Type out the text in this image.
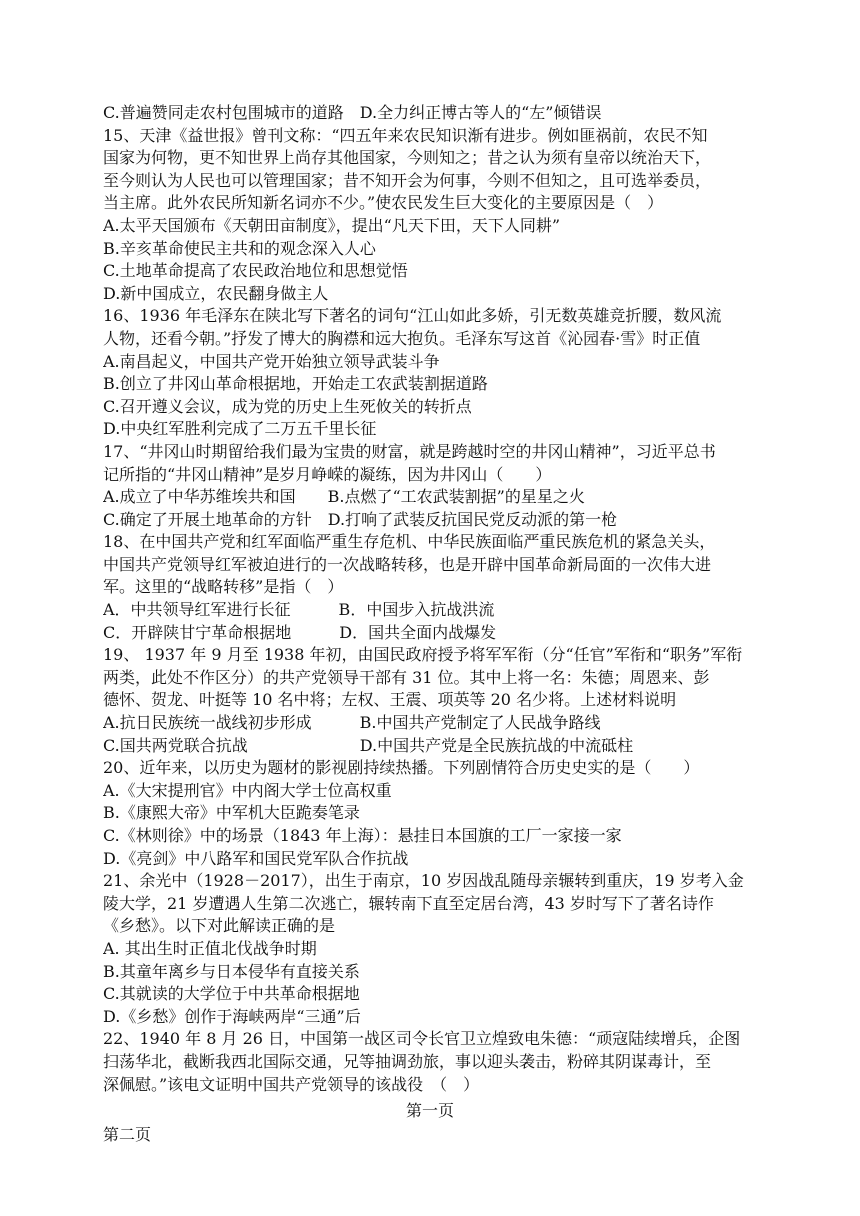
C.普遍赞同走农村包围城市的道路　D.全力纠正博古等人的“左”倾错误
15、天津《益世报》曾刊文称：“四五年来农民知识渐有进步。例如匪祸前，农民不知
国家为何物，更不知世界上尚存其他国家，今则知之；昔之认为须有皇帝以统治天下，
至今则认为人民也可以管理国家；昔不知开会为何事，今则不但知之，且可选举委员，
当主席。此外农民所知新名词亦不少。”使农民发生巨大变化的主要原因是（　）
A.太平天国颁布《天朝田亩制度》，提出“凡天下田，天下人同耕”
B.辛亥革命使民主共和的观念深入人心
C.土地革命提高了农民政治地位和思想觉悟
D.新中国成立，农民翻身做主人
16、1936 年毛泽东在陕北写下著名的词句“江山如此多娇，引无数英雄竞折腰，数风流
人物，还看今朝。”抒发了博大的胸襟和远大抱负。毛泽东写这首《沁园春·雪》时正值
A.南昌起义，中国共产党开始独立领导武装斗争
B.创立了井冈山革命根据地，开始走工农武装割据道路
C.召开遵义会议，成为党的历史上生死攸关的转折点
D.中央红军胜利完成了二万五千里长征
17、“井冈山时期留给我们最为宝贵的财富，就是跨越时空的井冈山精神”，习近平总书
记所指的“井冈山精神”是岁月峥嵘的凝练，因为井冈山（　　）
A.成立了中华苏维埃共和国　　B.点燃了“工农武装割据”的星星之火
C.确定了开展土地革命的方针　D.打响了武装反抗国民党反动派的第一枪
18、在中国共产党和红军面临严重生存危机、中华民族面临严重民族危机的紧急关头，
中国共产党领导红军被迫进行的一次战略转移，也是开辟中国革命新局面的一次伟大进
军。这里的“战略转移”是指（　）
A．中共领导红军进行长征　　　B．中国步入抗战洪流
C．开辟陕甘宁革命根据地　　　D．国共全面内战爆发
19、 1937 年 9 月至 1938 年初，由国民政府授予将军军衔（分“任官”军衔和“职务”军衔
两类，此处不作区分）的共产党领导干部有 31 位。其中上将一名：朱德；周恩来、彭
德怀、贺龙、叶挺等 10 名中将；左权、王震、项英等 20 名少将。上述材料说明
A.抗日民族统一战线初步形成　　　B.中国共产党制定了人民战争路线
C.国共两党联合抗战　　　　　　　D.中国共产党是全民族抗战的中流砥柱
20、近年来，以历史为题材的影视剧持续热播。下列剧情符合历史史实的是（　　）
A.《大宋提刑官》中内阁大学士位高权重
B.《康熙大帝》中军机大臣跪奏笔录
C.《林则徐》中的场景（1843 年上海）：悬挂日本国旗的工厂一家接一家
D.《亮剑》中八路军和国民党军队合作抗战
21、余光中（1928－2017），出生于南京，10 岁因战乱随母亲辗转到重庆，19 岁考入金
陵大学，21 岁遭遇人生第二次逃亡，辗转南下直至定居台湾，43 岁时写下了著名诗作
《乡愁》。以下对此解读正确的是
A. 其出生时正值北伐战争时期
B.其童年离乡与日本侵华有直接关系
C.其就读的大学位于中共革命根据地
D.《乡愁》创作于海峡两岸“三通”后
22、1940 年 8 月 26 日，中国第一战区司令长官卫立煌致电朱德：“顽寇陆续增兵，企图
扫荡华北，截断我西北国际交通，兄等抽调劲旅，事以迎头袭击，粉碎其阴谋毒计，至
深佩慰。”该电文证明中国共产党领导的该战役　（　）
第一页
第二页
